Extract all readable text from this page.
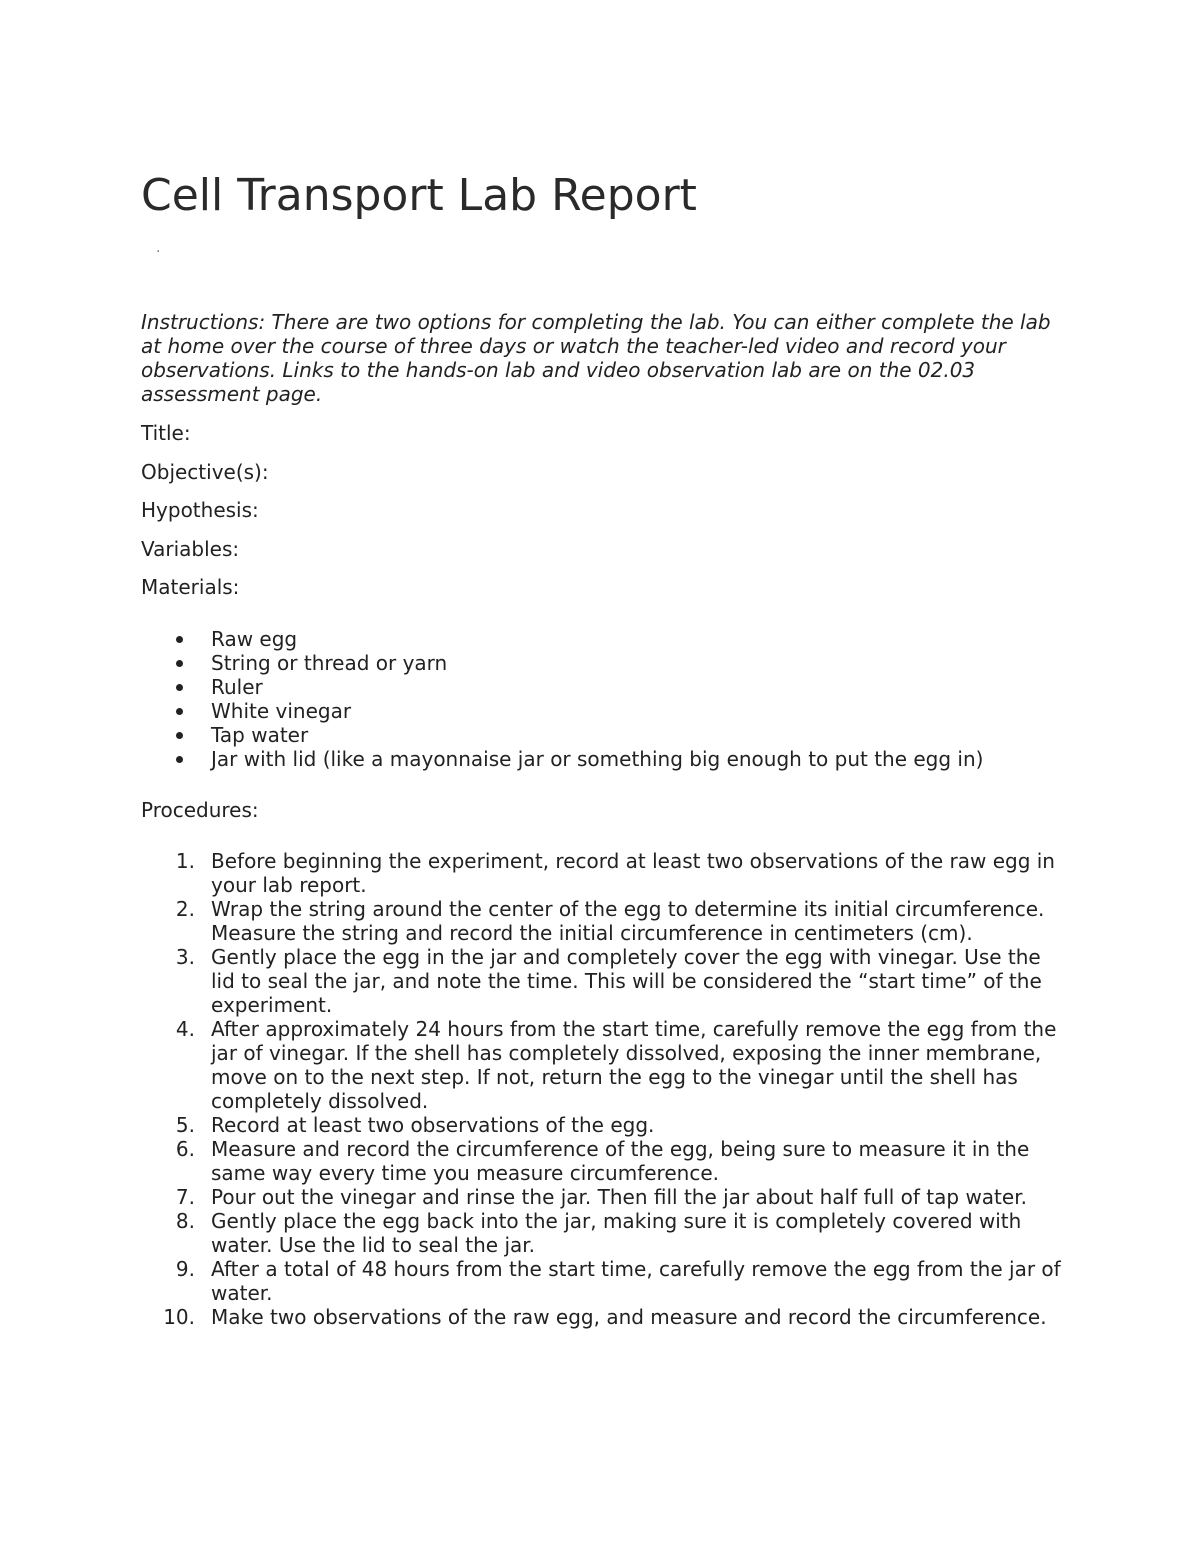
Cell Transport Lab Report
.

Instructions: There are two options for completing the lab. You can either complete the lab at home over the course of three days or watch the teacher-led video and record your observations. Links to the hands-on lab and video observation lab are on the 02.03 assessment page.

Title:
Objective(s):
Hypothesis:
Variables:
Materials:
Raw egg
String or thread or yarn
Ruler
White vinegar
Tap water
Jar with lid (like a mayonnaise jar or something big enough to put the egg in)
Procedures:
1. Before beginning the experiment, record at least two observations of the raw egg in your lab report.
2. Wrap the string around the center of the egg to determine its initial circumference. Measure the string and record the initial circumference in centimeters (cm).
3. Gently place the egg in the jar and completely cover the egg with vinegar. Use the lid to seal the jar, and note the time. This will be considered the “start time” of the experiment.
4. After approximately 24 hours from the start time, carefully remove the egg from the jar of vinegar. If the shell has completely dissolved, exposing the inner membrane, move on to the next step. If not, return the egg to the vinegar until the shell has completely dissolved.
5. Record at least two observations of the egg.
6. Measure and record the circumference of the egg, being sure to measure it in the same way every time you measure circumference.
7. Pour out the vinegar and rinse the jar. Then fill the jar about half full of tap water.
8. Gently place the egg back into the jar, making sure it is completely covered with water. Use the lid to seal the jar.
9. After a total of 48 hours from the start time, carefully remove the egg from the jar of water.
10. Make two observations of the raw egg, and measure and record the circumference.
